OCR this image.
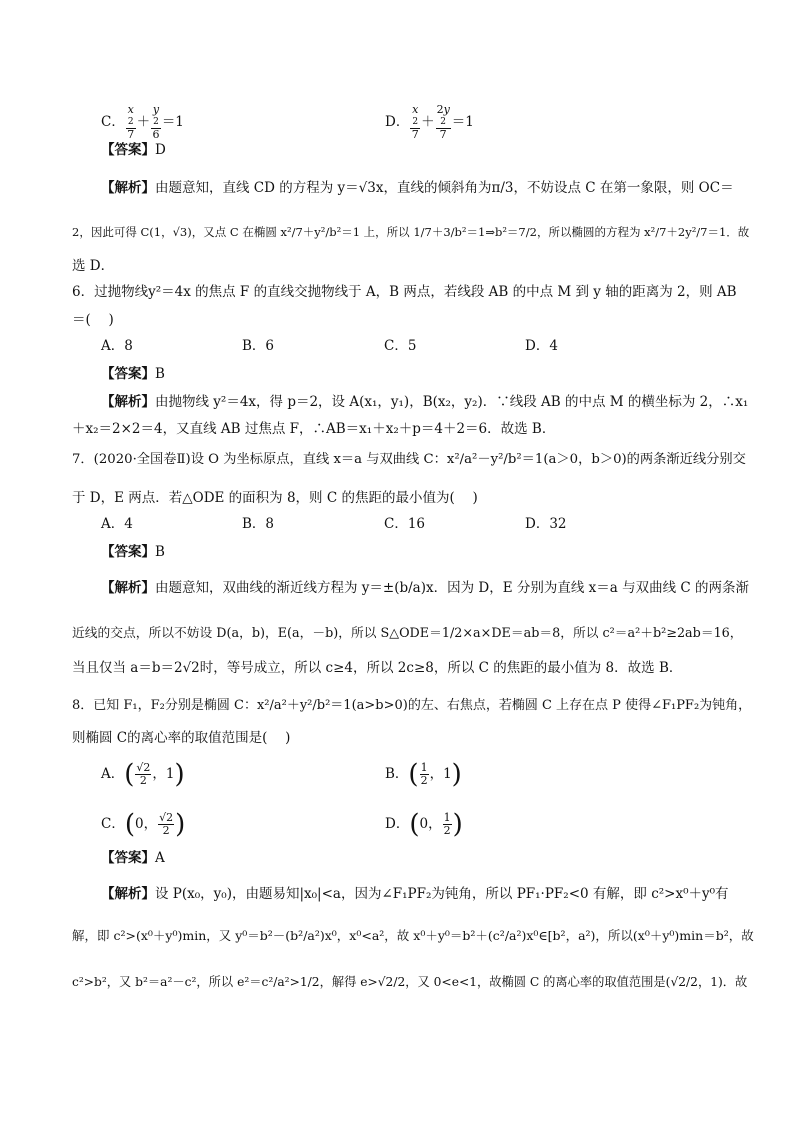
C． x
2
7 ＋ y
2
6 ＝1	D． x
2
7 ＋ 2y
2
7 ＝1
【答案】D
【解析】由题意知，直线 CD 的方程为 y＝√3x，直线的倾斜角为π/3，不妨设点 C 在第一象限，则 OC＝
2，因此可得 C(1，√3)，又点 C 在椭圆 x²/7＋y²/b²＝1 上，所以 1/7＋3/b²＝1⇒b²＝7/2，所以椭圆的方程为 x²/7＋2y²/7＝1．故
选 D．
6．过抛物线y²＝4x 的焦点 F 的直线交抛物线于 A，B 两点，若线段 AB 的中点 M 到 y 轴的距离为 2，则 AB
＝(　 )
A．8	B．6	C．5	D．4
【答案】B
【解析】由抛物线 y²＝4x，得 p＝2，设 A(x₁，y₁)，B(x₂，y₂)．∵线段 AB 的中点 M 的横坐标为 2，∴x₁
＋x₂＝2×2＝4，又直线 AB 过焦点 F，∴AB＝x₁＋x₂＋p＝4＋2＝6．故选 B．
7．(2020·全国卷Ⅱ)设 O 为坐标原点，直线 x＝a 与双曲线 C：x²/a²－y²/b²＝1(a＞0，b＞0)的两条渐近线分别交
于 D，E 两点．若△ODE 的面积为 8，则 C 的焦距的最小值为(　 )
A．4	B．8	C．16	D．32
【答案】B
【解析】由题意知，双曲线的渐近线方程为 y＝±(b/a)x．因为 D，E 分别为直线 x＝a 与双曲线 C 的两条渐
近线的交点，所以不妨设 D(a，b)，E(a，－b)，所以 S△ODE＝1/2×a×DE＝ab＝8，所以 c²＝a²＋b²≥2ab＝16，
当且仅当 a＝b＝2√2时，等号成立，所以 c≥4，所以 2c≥8，所以 C 的焦距的最小值为 8．故选 B．
8．已知 F₁，F₂分别是椭圆 C：x²/a²＋y²/b²＝1(a>b>0)的左、右焦点，若椭圆 C 上存在点 P 使得∠F₁PF₂为钝角，
则椭圆 C的离心率的取值范围是(　 )
A．( $\frac{√2}{2}$ ，1)	B．( $\frac{1}{2}$ ，1)
C．(0， $\frac{√2}{2}$ )	D．(0， $\frac{1}{2}$ )
【答案】A
【解析】设 P(x₀，y₀)，由题易知|x₀|<a，因为∠F₁PF₂为钝角，所以 PF₁·PF₂<0 有解，即 c²>x⁰＋y⁰有
解，即 c²>(x⁰＋y⁰)min，又 y⁰＝b²－(b²/a²)x⁰，x⁰<a²，故 x⁰＋y⁰＝b²＋(c²/a²)x⁰∈[b²，a²)，所以(x⁰＋y⁰)min＝b²，故
c²>b²，又 b²＝a²－c²，所以 e²＝c²/a²>1/2，解得 e>√2/2，又 0<e<1，故椭圆 C 的离心率的取值范围是(√2/2，1)．故
